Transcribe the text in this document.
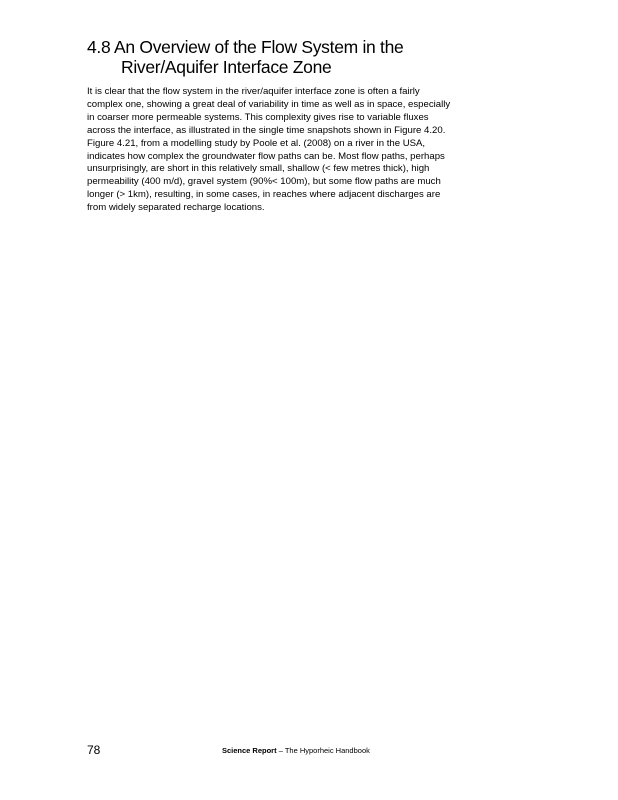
4.8 An Overview of the Flow System in the
River/Aquifer Interface Zone

It is clear that the flow system in the river/aquifer interface zone is often a fairly
complex one, showing a great deal of variability in time as well as in space, especially
in coarser more permeable systems. This complexity gives rise to variable fluxes
across the interface, as illustrated in the single time snapshots shown in Figure 4.20.
Figure 4.21, from a modelling study by Poole et al. (2008) on a river in the USA,
indicates how complex the groundwater flow paths can be. Most flow paths, perhaps
unsurprisingly, are short in this relatively small, shallow (< few metres thick), high
permeability (400 m/d), gravel system (90%< 100m), but some flow paths are much
longer (> 1km), resulting, in some cases, in reaches where adjacent discharges are
from widely separated recharge locations.

78	Science Report – The Hyporheic Handbook
